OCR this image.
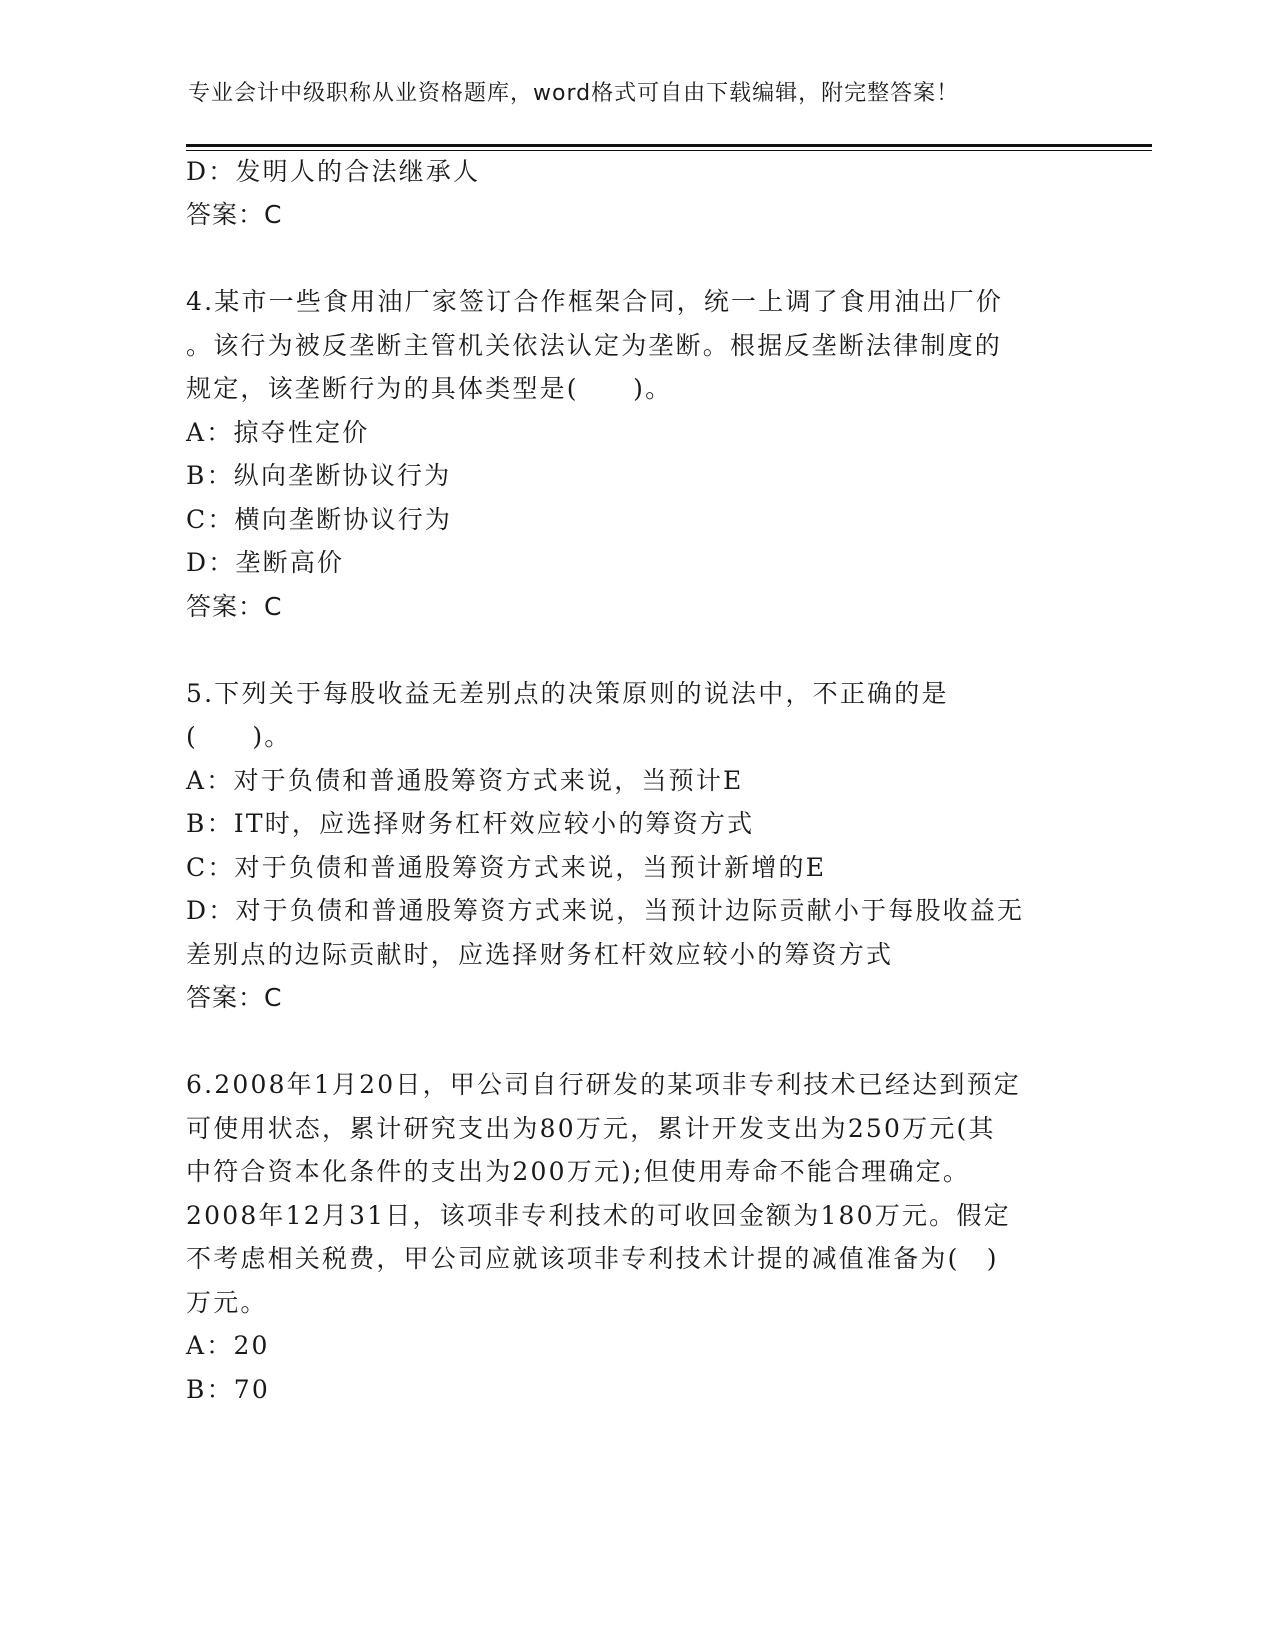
专业会计中级职称从业资格题库，word格式可自由下载编辑，附完整答案！
D：发明人的合法继承人
答案：C
4.某市一些食用油厂家签订合作框架合同，统一上调了食用油出厂价
。该行为被反垄断主管机关依法认定为垄断。根据反垄断法律制度的
规定，该垄断行为的具体类型是(　　)。
A：掠夺性定价
B：纵向垄断协议行为
C：横向垄断协议行为
D：垄断高价
答案：C
5.下列关于每股收益无差别点的决策原则的说法中，不正确的是
(　　)。
A：对于负债和普通股筹资方式来说，当预计E
B：IT时，应选择财务杠杆效应较小的筹资方式
C：对于负债和普通股筹资方式来说，当预计新增的E
D：对于负债和普通股筹资方式来说，当预计边际贡献小于每股收益无
差别点的边际贡献时，应选择财务杠杆效应较小的筹资方式
答案：C
6.2008年1月20日，甲公司自行研发的某项非专利技术已经达到预定
可使用状态，累计研究支出为80万元，累计开发支出为250万元(其
中符合资本化条件的支出为200万元);但使用寿命不能合理确定。
2008年12月31日，该项非专利技术的可收回金额为180万元。假定
不考虑相关税费，甲公司应就该项非专利技术计提的减值准备为(　)
万元。
A：20
B：70
